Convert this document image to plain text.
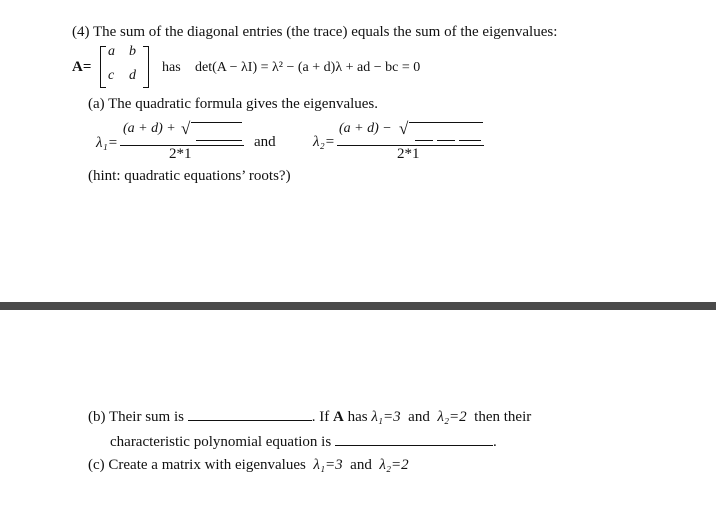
(4) The sum of the diagonal entries (the trace) equals the sum of the eigenvalues:
A=
a b
c d
has det(A − λI) = λ² − (a + d)λ + ad − bc = 0
(a) The quadratic formula gives the eigenvalues.
λ₁=
(a + d) + √
2*1
and λ₂=
(a + d) − √
2*1
(hint: quadratic equations’ roots?)
(b) Their sum is	. If A has λ₁=3 and λ₂=2 then their
characteristic polynomial equation is	.
(c) Create a matrix with eigenvalues λ₁=3 and λ₂=2
